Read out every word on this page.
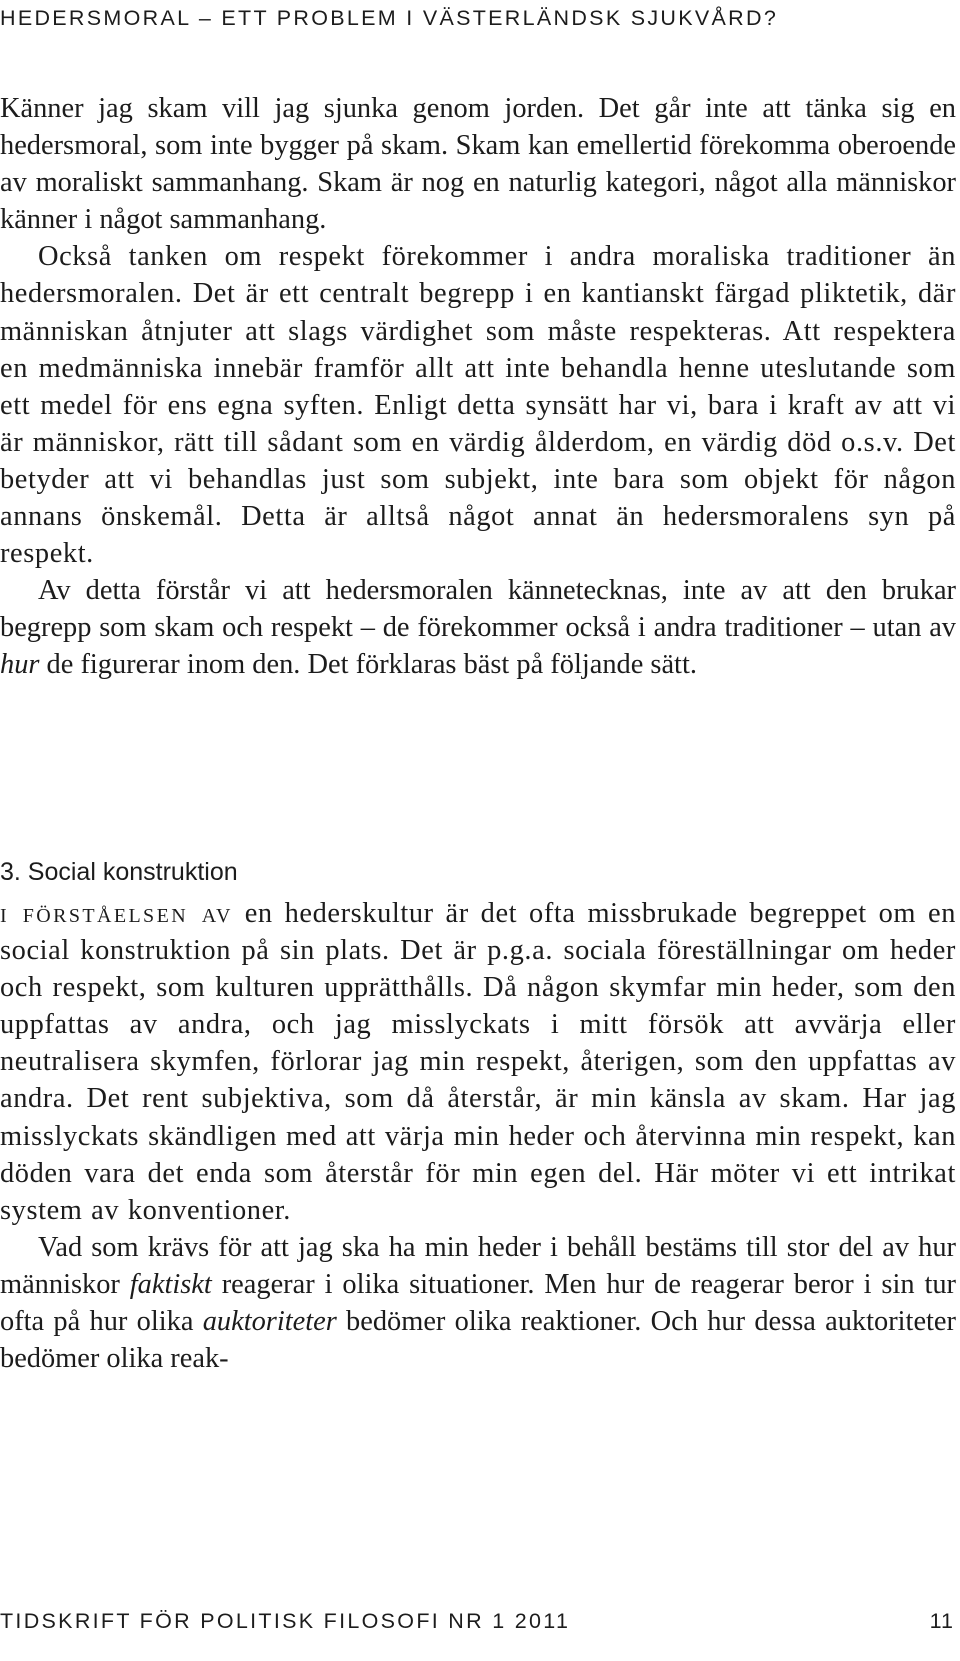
HEDERSMORAL – ETT PROBLEM I VÄSTERLÄNDSK SJUKVÅRD?

Känner jag skam vill jag sjunka genom jorden. Det går inte att tänka sig en hedersmoral, som inte bygger på skam. Skam kan emellertid förekomma oberoende av moraliskt sammanhang. Skam är nog en naturlig kategori, något alla människor känner i något sammanhang.

Också tanken om respekt förekommer i andra moraliska traditioner än hedersmoralen. Det är ett centralt begrepp i en kantianskt färgad pliktetik, där människan åtnjuter att slags värdighet som måste respekteras. Att respektera en medmänniska innebär framför allt att inte behandla henne uteslutande som ett medel för ens egna syften. Enligt detta synsätt har vi, bara i kraft av att vi är människor, rätt till sådant som en värdig ålderdom, en värdig död o.s.v. Det betyder att vi behandlas just som subjekt, inte bara som objekt för någon annans önskemål. Detta är alltså något annat än hedersmoralens syn på respekt.

Av detta förstår vi att hedersmoralen kännetecknas, inte av att den brukar begrepp som skam och respekt – de förekommer också i andra traditioner – utan av hur de figurerar inom den. Det förklaras bäst på följande sätt.

3. Social konstruktion

i förståelsen av en hederskultur är det ofta missbrukade begreppet om en social konstruktion på sin plats. Det är p.g.a. sociala föreställningar om heder och respekt, som kulturen upprätthålls. Då någon skymfar min heder, som den uppfattas av andra, och jag misslyckats i mitt försök att avvärja eller neutralisera skymfen, förlorar jag min respekt, återigen, som den uppfattas av andra. Det rent subjektiva, som då återstår, är min känsla av skam. Har jag misslyckats skändligen med att värja min heder och återvinna min respekt, kan döden vara det enda som återstår för min egen del. Här möter vi ett intrikat system av konventioner.

Vad som krävs för att jag ska ha min heder i behåll bestäms till stor del av hur människor faktiskt reagerar i olika situationer. Men hur de reagerar beror i sin tur ofta på hur olika auktoriteter bedömer olika reaktioner. Och hur dessa auktoriteter bedömer olika reak-

TIDSKRIFT FÖR POLITISK FILOSOFI NR 1 2011	11
